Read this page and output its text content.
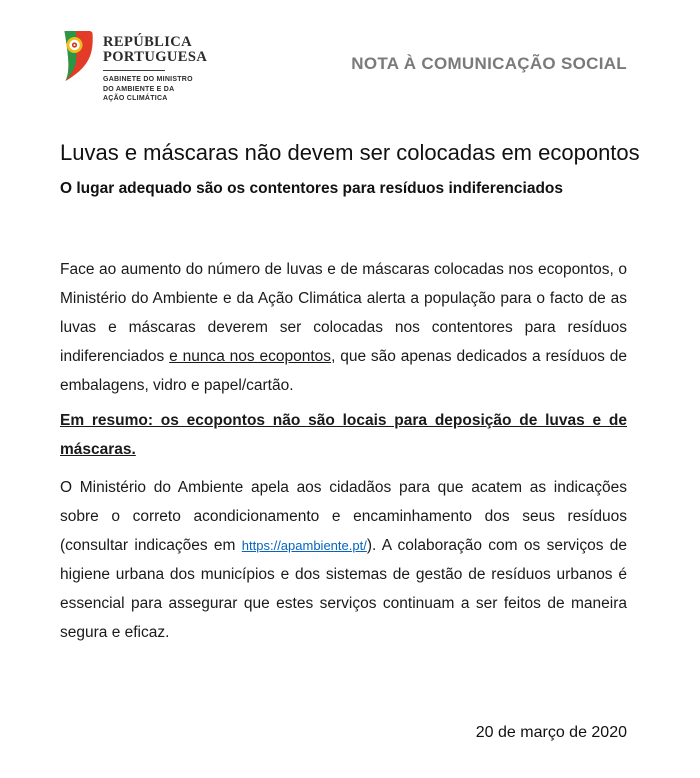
REPÚBLICA
PORTUGUESA
GABINETE DO MINISTRO
DO AMBIENTE E DA
AÇÃO CLIMÁTICA
NOTA À COMUNICAÇÃO SOCIAL
Luvas e máscaras não devem ser colocadas em ecopontos
O lugar adequado são os contentores para resíduos indiferenciados

Face ao aumento do número de luvas e de máscaras colocadas nos ecopontos, o Ministério do Ambiente e da Ação Climática alerta a população para o facto de as luvas e máscaras deverem ser colocadas nos contentores para resíduos indiferenciados e nunca nos ecopontos, que são apenas dedicados a resíduos de embalagens, vidro e papel/cartão.

Em resumo: os ecopontos não são locais para deposição de luvas e de máscaras.

O Ministério do Ambiente apela aos cidadãos para que acatem as indicações sobre o correto acondicionamento e encaminhamento dos seus resíduos (consultar indicações em https://apambiente.pt/). A colaboração com os serviços de higiene urbana dos municípios e dos sistemas de gestão de resíduos urbanos é essencial para assegurar que estes serviços continuam a ser feitos de maneira segura e eficaz.

20 de março de 2020
